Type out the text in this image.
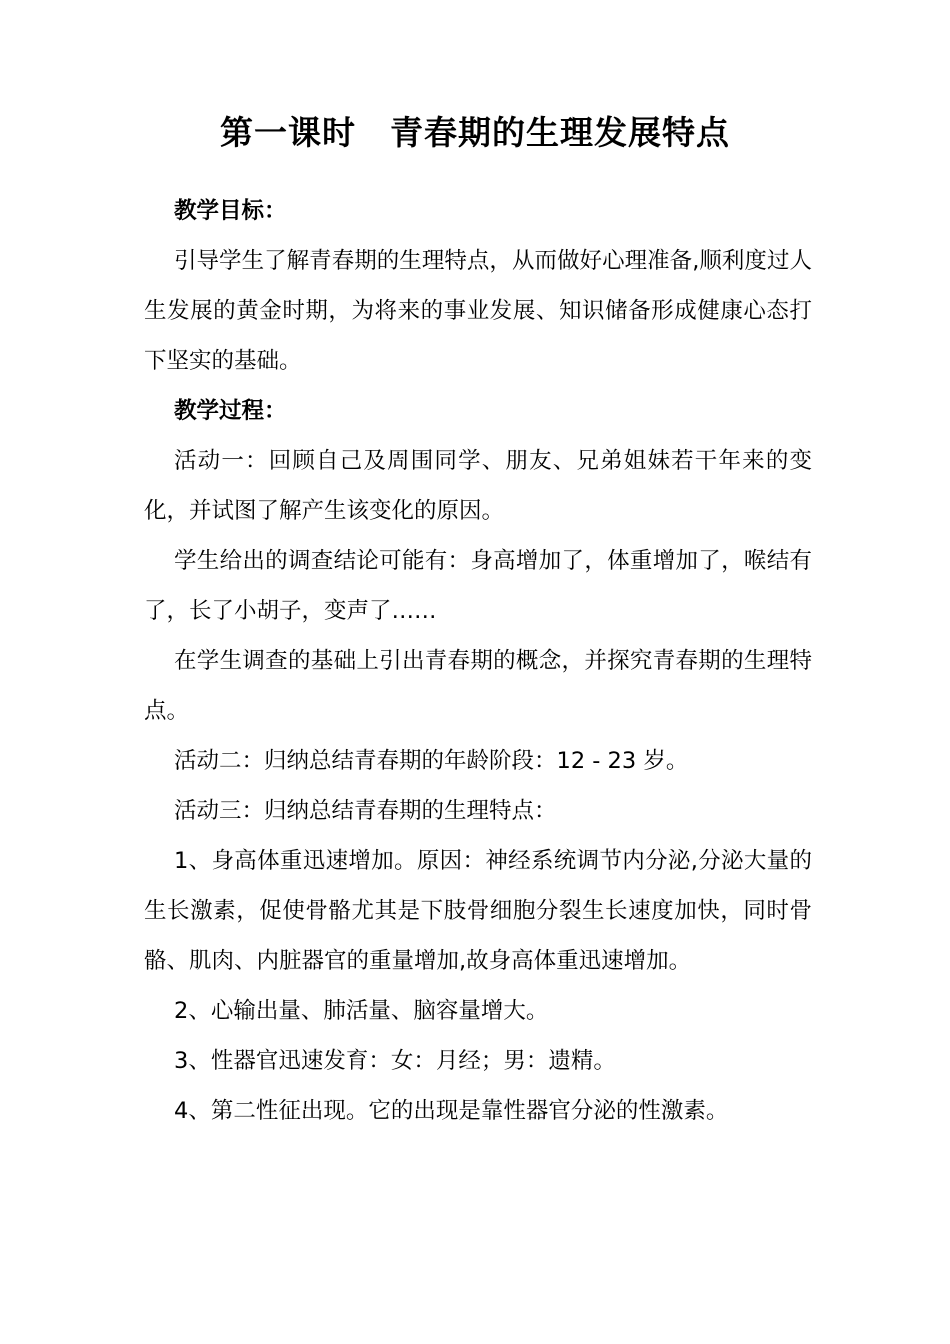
第一课时　青春期的生理发展特点

教学目标：

引导学生了解青春期的生理特点，从而做好心理准备,顺利度过人生发展的黄金时期，为将来的事业发展、知识储备形成健康心态打下坚实的基础。

教学过程：

活动一：回顾自己及周围同学、朋友、兄弟姐妹若干年来的变化，并试图了解产生该变化的原因。

学生给出的调查结论可能有：身高增加了，体重增加了，喉结有了，长了小胡子，变声了……

在学生调查的基础上引出青春期的概念，并探究青春期的生理特点。

活动二：归纳总结青春期的年龄阶段：12 - 23 岁。

活动三：归纳总结青春期的生理特点：

1、身高体重迅速增加。原因：神经系统调节内分泌,分泌大量的生长激素，促使骨骼尤其是下肢骨细胞分裂生长速度加快，同时骨骼、肌肉、内脏器官的重量增加,故身高体重迅速增加。

2、心输出量、肺活量、脑容量增大。

3、性器官迅速发育：女：月经；男：遗精。

4、第二性征出现。它的出现是靠性器官分泌的性激素。
